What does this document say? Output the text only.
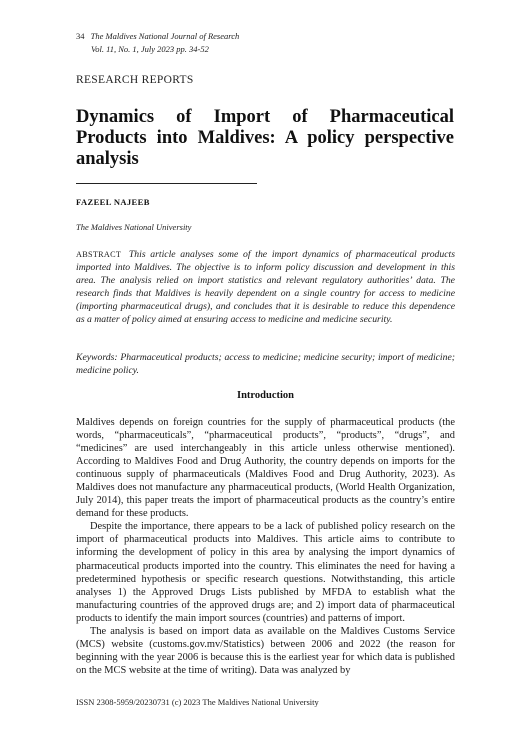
34 The Maldives National Journal of Research
Vol. 11, No. 1, July 2023 pp. 34-52
RESEARCH REPORTS
Dynamics of Import of Pharmaceutical Products into Maldives: A policy perspective analysis
FAZEEL NAJEEB
The Maldives National University

ABSTRACT This article analyses some of the import dynamics of pharmaceutical products imported into Maldives. The objective is to inform policy discussion and development in this area. The analysis relied on import statistics and relevant regulatory authorities’ data. The research finds that Maldives is heavily dependent on a single country for access to medicine (importing pharmaceutical drugs), and concludes that it is desirable to reduce this dependence as a matter of policy aimed at ensuring access to medicine and medicine security.

Keywords: Pharmaceutical products; access to medicine; medicine security; import of medicine; medicine policy.

Introduction

Maldives depends on foreign countries for the supply of pharmaceutical products (the words, “pharmaceuticals”, “pharmaceutical products”, “products”, “drugs”, and “medicines” are used interchangeably in this article unless otherwise mentioned). According to Maldives Food and Drug Authority, the country depends on imports for the continuous supply of pharmaceuticals (Maldives Food and Drug Authority, 2023). As Maldives does not manufacture any pharmaceutical products, (World Health Organization, July 2014), this paper treats the import of pharmaceutical products as the country’s entire demand for these products.

Despite the importance, there appears to be a lack of published policy research on the import of pharmaceutical products into Maldives. This article aims to contribute to informing the development of policy in this area by analysing the import dynamics of pharmaceutical products imported into the country. This eliminates the need for having a predetermined hypothesis or specific research questions. Notwithstanding, this article analyses 1) the Approved Drugs Lists published by MFDA to establish what the manufacturing countries of the approved drugs are; and 2) import data of pharmaceutical products to identify the main import sources (countries) and patterns of import.

The analysis is based on import data as available on the Maldives Customs Service (MCS) website (customs.gov.mv/Statistics) between 2006 and 2022 (the reason for beginning with the year 2006 is because this is the earliest year for which data is published on the MCS website at the time of writing). Data was analyzed by

ISSN 2308-5959/20230731 (c) 2023 The Maldives National University
